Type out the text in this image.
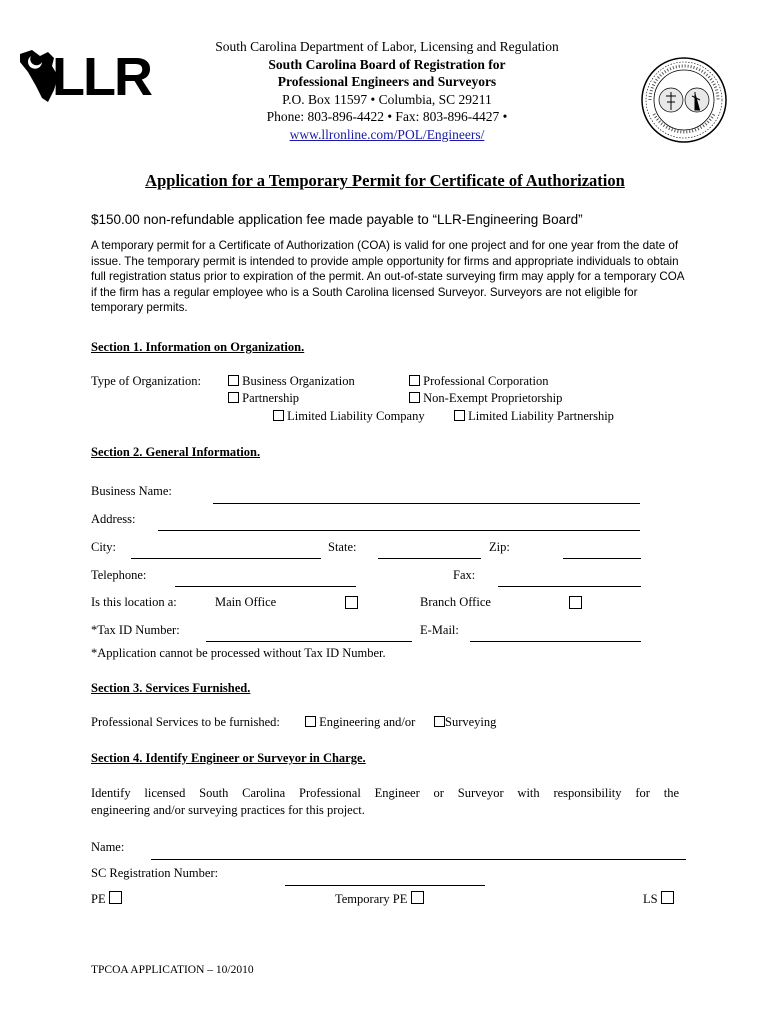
LLR
South Carolina Department of Labor, Licensing and Regulation
South Carolina Board of Registration for
Professional Engineers and Surveyors
P.O. Box 11597 • Columbia, SC 29211
Phone: 803-896-4422 • Fax: 803-896-4427 •
www.llronline.com/POL/Engineers/
Application for a Temporary Permit for Certificate of Authorization
$150.00 non-refundable application fee made payable to “LLR-Engineering Board”
A temporary permit for a Certificate of Authorization (COA) is valid for one project and for one year from the date of issue. The temporary permit is intended to provide ample opportunity for firms and appropriate individuals to obtain full registration status prior to expiration of the permit. An out-of-state surveying firm may apply for a temporary COA if the firm has a regular employee who is a South Carolina licensed Surveyor. Surveyors are not eligible for temporary permits.
Section 1. Information on Organization.
Type of Organization:	Business Organization	Professional Corporation
Partnership	Non-Exempt Proprietorship
Limited Liability Company	Limited Liability Partnership
Section 2. General Information.
Business Name:
Address:
City:	State:	Zip:
Telephone:	Fax:
Is this location a:	Main Office	Branch Office
*Tax ID Number:	E-Mail:
*Application cannot be processed without Tax ID Number.
Section 3. Services Furnished.
Professional Services to be furnished:	Engineering and/or	Surveying
Section 4. Identify Engineer or Surveyor in Charge.
Identify licensed South Carolina Professional Engineer or Surveyor with responsibility for the
engineering and/or surveying practices for this project.
Name:
SC Registration Number:
PE	Temporary PE	LS
TPCOA APPLICATION – 10/2010
